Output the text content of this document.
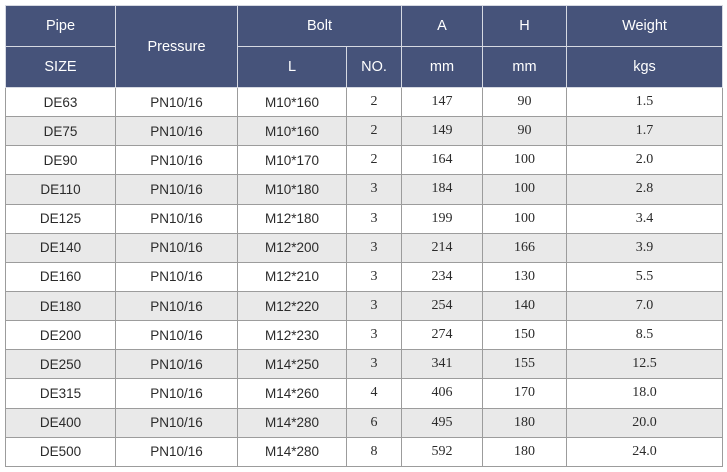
Pipe	Pressure	Bolt		A	H	Weight
SIZE		L	NO.	mm	mm	kgs
DE63	PN10/16	M10*160	2	147	90	1.5
DE75	PN10/16	M10*160	2	149	90	1.7
DE90	PN10/16	M10*170	2	164	100	2.0
DE110	PN10/16	M10*180	3	184	100	2.8
DE125	PN10/16	M12*180	3	199	100	3.4
DE140	PN10/16	M12*200	3	214	166	3.9
DE160	PN10/16	M12*210	3	234	130	5.5
DE180	PN10/16	M12*220	3	254	140	7.0
DE200	PN10/16	M12*230	3	274	150	8.5
DE250	PN10/16	M14*250	3	341	155	12.5
DE315	PN10/16	M14*260	4	406	170	18.0
DE400	PN10/16	M14*280	6	495	180	20.0
DE500	PN10/16	M14*280	8	592	180	24.0
